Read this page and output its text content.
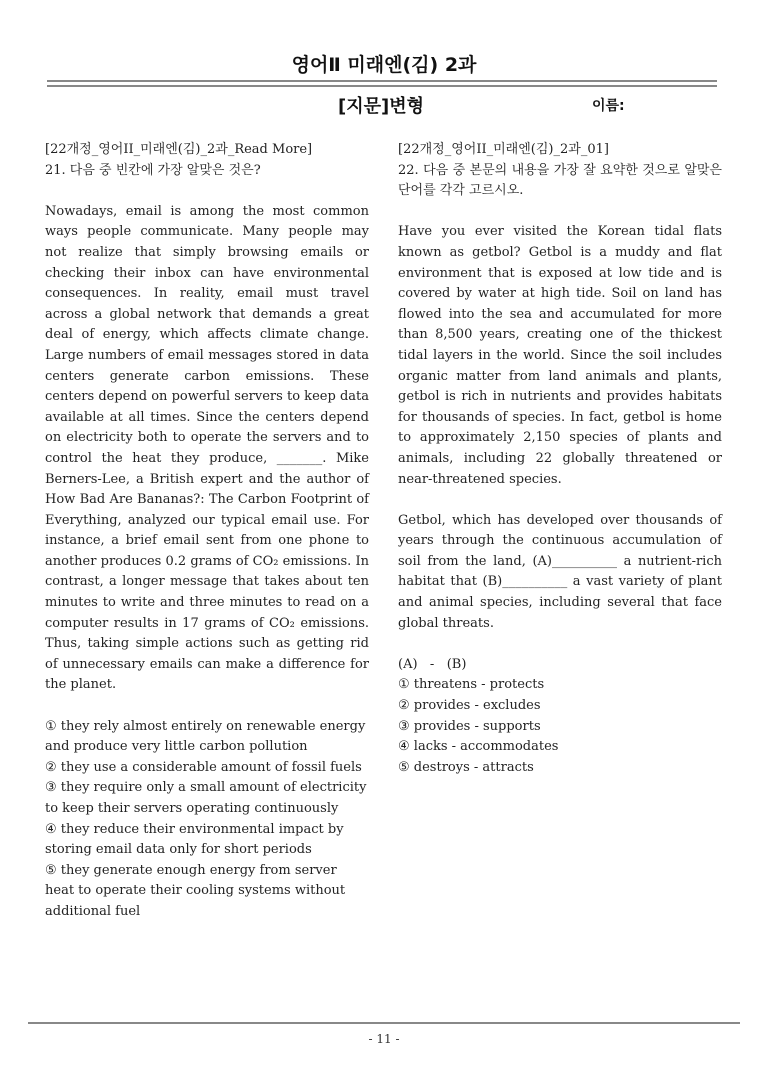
영어Ⅱ 미래엔(김) 2과
[지문]변형	이름:

[22개정_영어II_미래엔(김)_2과_Read More]

21. 다음 중 빈칸에 가장 알맞은 것은?

Nowadays, email is among the most common ways people communicate. Many people may not realize that simply browsing emails or checking their inbox can have environmental consequences. In reality, email must travel across a global network that demands a great deal of energy, which affects climate change. Large numbers of email messages stored in data centers generate carbon emissions. These centers depend on powerful servers to keep data available at all times. Since the centers depend on electricity both to operate the servers and to control the heat they produce, _______. Mike Berners-Lee, a British expert and the author of How Bad Are Bananas?: The Carbon Footprint of Everything, analyzed our typical email use. For instance, a brief email sent from one phone to another produces 0.2 grams of CO₂ emissions. In contrast, a longer message that takes about ten minutes to write and three minutes to read on a computer results in 17 grams of CO₂ emissions. Thus, taking simple actions such as getting rid of unnecessary emails can make a difference for the planet.

① they rely almost entirely on renewable energy and produce very little carbon pollution

② they use a considerable amount of fossil fuels

③ they require only a small amount of electricity to keep their servers operating continuously

④ they reduce their environmental impact by storing email data only for short periods

⑤ they generate enough energy from server heat to operate their cooling systems without additional fuel

[22개정_영어II_미래엔(김)_2과_01]

22. 다음 중 본문의 내용을 가장 잘 요약한 것으로 알맞은 단어를 각각 고르시오.

Have you ever visited the Korean tidal flats known as getbol? Getbol is a muddy and flat environment that is exposed at low tide and is covered by water at high tide. Soil on land has flowed into the sea and accumulated for more than 8,500 years, creating one of the thickest tidal layers in the world. Since the soil includes organic matter from land animals and plants, getbol is rich in nutrients and provides habitats for thousands of species. In fact, getbol is home to approximately 2,150 species of plants and animals, including 22 globally threatened or near-threatened species.

Getbol, which has developed over thousands of years through the continuous accumulation of soil from the land, (A)__________ a nutrient-rich habitat that (B)__________ a vast variety of plant and animal species, including several that face global threats.

(A)   -   (B)

① threatens - protects

② provides - excludes

③ provides - supports

④ lacks - accommodates

⑤ destroys - attracts

- 11 -
